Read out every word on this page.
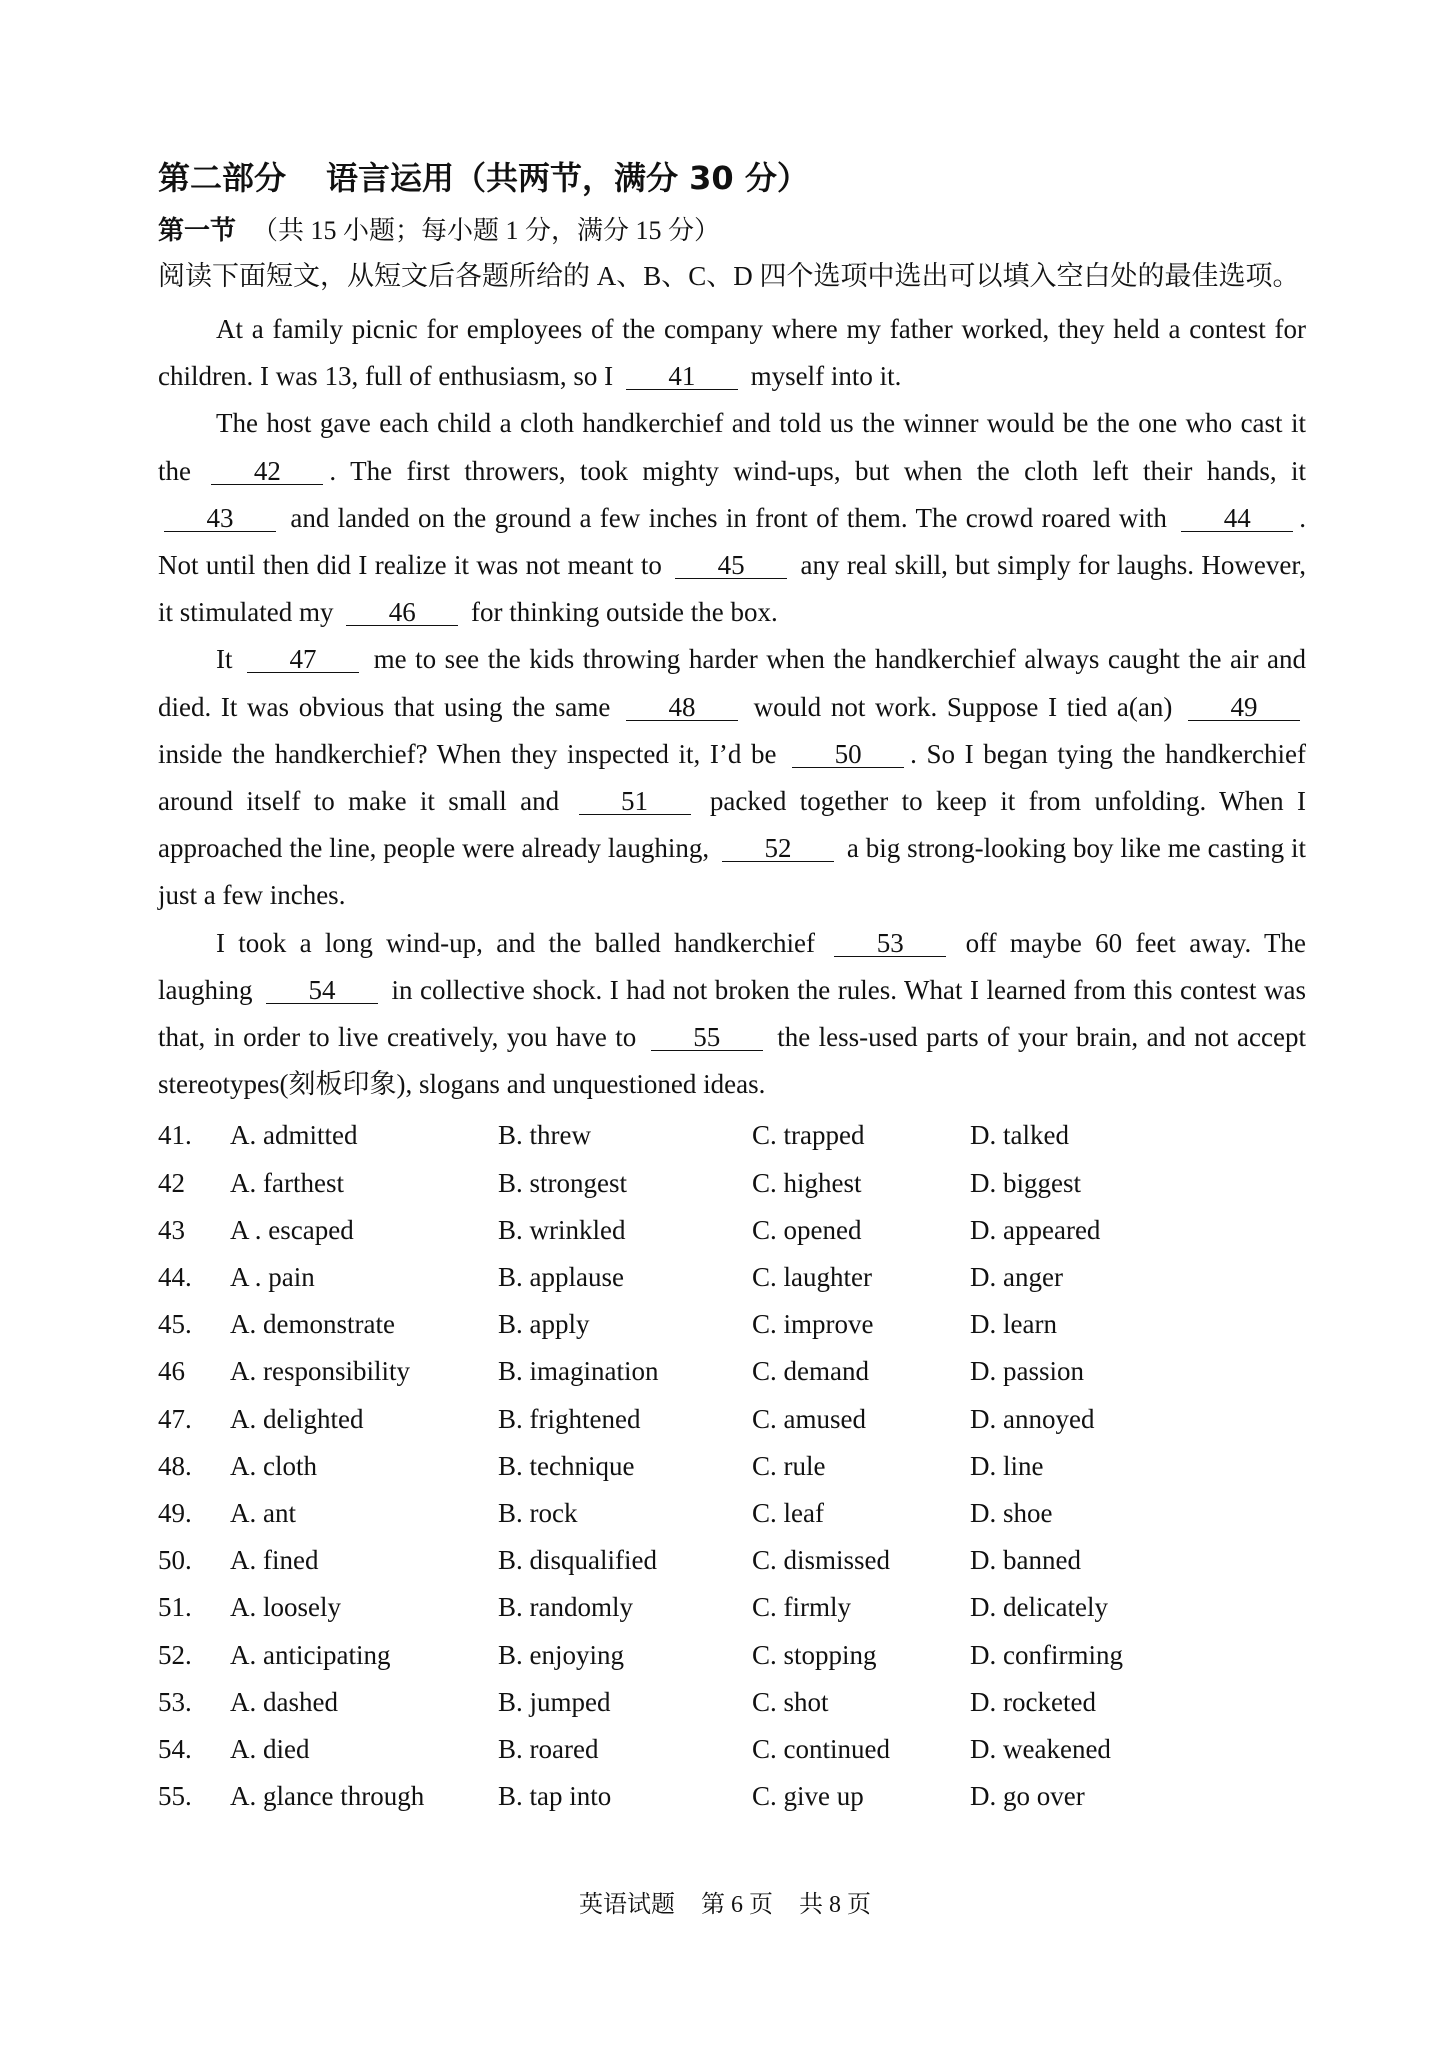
第二部分 语言运用（共两节，满分 30 分）

第一节 （共 15 小题；每小题 1 分，满分 15 分）

阅读下面短文，从短文后各题所给的 A、B、C、D 四个选项中选出可以填入空白处的最佳选项。

At a family picnic for employees of the company where my father worked, they held a contest for children. I was 13, full of enthusiasm, so I 41 myself into it.

The host gave each child a cloth handkerchief and told us the winner would be the one who cast it the 42 . The first throwers, took mighty wind-ups, but when the cloth left their hands, it 43 and landed on the ground a few inches in front of them. The crowd roared with 44 . Not until then did I realize it was not meant to 45 any real skill, but simply for laughs. However, it stimulated my 46 for thinking outside the box.

It 47 me to see the kids throwing harder when the handkerchief always caught the air and died. It was obvious that using the same 48 would not work. Suppose I tied a(an) 49 inside the handkerchief? When they inspected it, I’d be 50 . So I began tying the handkerchief around itself to make it small and 51 packed together to keep it from unfolding. When I approached the line, people were already laughing, 52 a big strong-looking boy like me casting it just a few inches.

I took a long wind-up, and the balled handkerchief 53 off maybe 60 feet away. The laughing 54 in collective shock. I had not broken the rules. What I learned from this contest was that, in order to live creatively, you have to 55 the less-used parts of your brain, and not accept stereotypes(刻板印象), slogans and unquestioned ideas.

41.	A. admitted	B. threw	C. trapped	D. talked
42	A. farthest	B. strongest	C. highest	D. biggest
43	A . escaped	B. wrinkled	C. opened	D. appeared
44.	A . pain	B. applause	C. laughter	D. anger
45.	A. demonstrate	B. apply	C. improve	D. learn
46	A. responsibility	B. imagination	C. demand	D. passion
47.	A. delighted	B. frightened	C. amused	D. annoyed
48.	A. cloth	B. technique	C. rule	D. line
49.	A. ant	B. rock	C. leaf	D. shoe
50.	A. fined	B. disqualified	C. dismissed	D. banned
51.	A. loosely	B. randomly	C. firmly	D. delicately
52.	A. anticipating	B. enjoying	C. stopping	D. confirming
53.	A. dashed	B. jumped	C. shot	D. rocketed
54.	A. died	B. roared	C. continued	D. weakened
55.	A. glance through	B. tap into	C. give up	D. go over
英语试题 第 6 页 共 8 页
